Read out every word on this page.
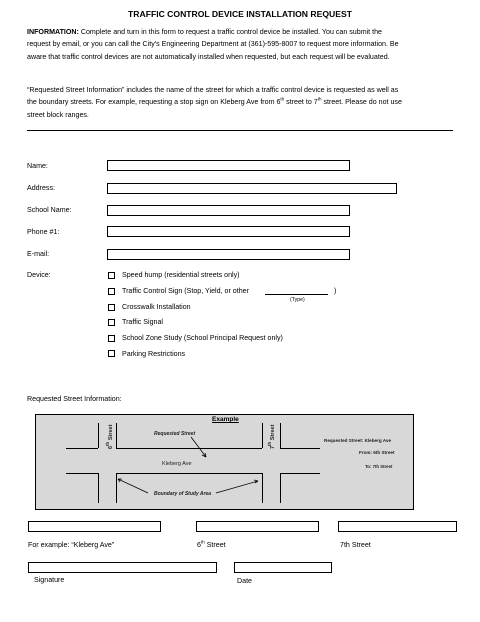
TRAFFIC CONTROL DEVICE INSTALLATION REQUEST
INFORMATION: Complete and turn in this form to request a traffic control device be installed. You can submit the
request by email, or you can call the City's Engineering Department at (361)-595-8007 to request more information. Be
aware that traffic control devices are not automatically installed when requested, but each request will be evaluated.
“Requested Street Information” includes the name of the street for which a traffic control device is requested as well as
the boundary streets. For example, requesting a stop sign on Kleberg Ave from 6th street to 7th street. Please do not use
street block ranges.
Name:
Address:
School Name:
Phone #1:
E-mail:
Device:	Speed hump (residential streets only)
Traffic Control Sign (Stop, Yield, or other	)
(Type)
Crosswalk Installation
Traffic Signal
School Zone Study (School Principal Request only)
Parking Restrictions
Requested Street Information:
Example
Requested Street
Kleberg Ave
Boundary of Study Area
6th Street
7th Street
Requested Street: Kleberg Ave
From: 6th Street
To: 7th Street
For example: “Kleberg Ave”	6th Street	7th Street
Signature	Date
